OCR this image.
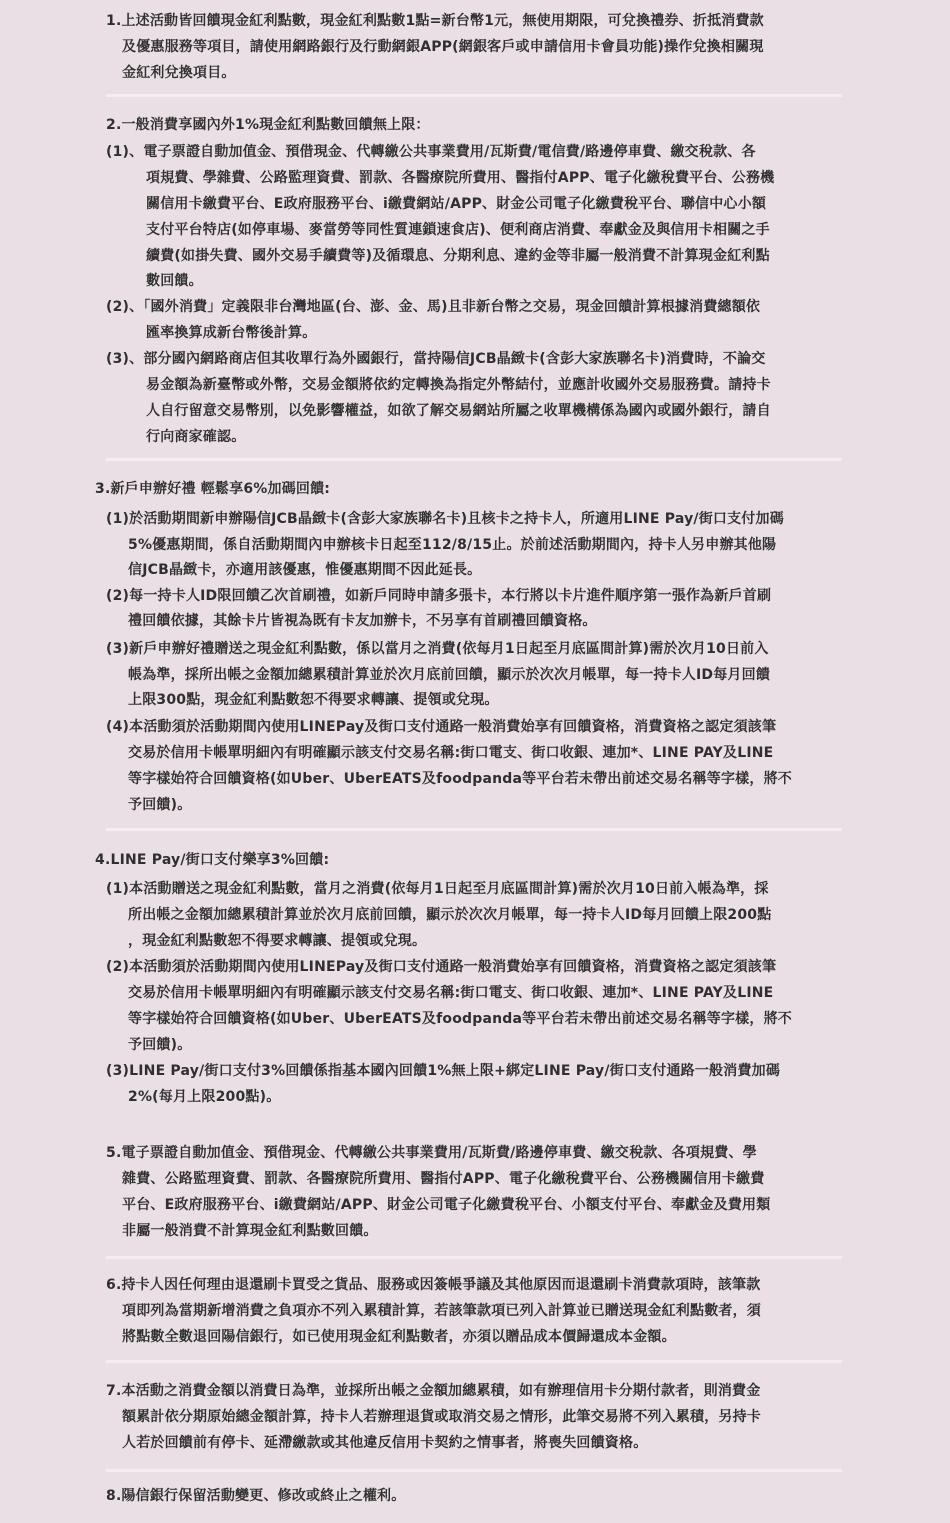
1.上述活動皆回饋現金紅利點數，現金紅利點數1點=新台幣1元，無使用期限，可兌換禮券、折抵消費款
及優惠服務等項目，請使用網路銀行及行動網銀APP(網銀客戶或申請信用卡會員功能)操作兌換相關現
金紅利兌換項目。
2.一般消費享國內外1%現金紅利點數回饋無上限：
(1)、電子票證自動加值金、預借現金、代轉繳公共事業費用/瓦斯費/電信費/路邊停車費、繳交稅款、各
項規費、學雜費、公路監理資費、罰款、各醫療院所費用、醫指付APP、電子化繳稅費平台、公務機
關信用卡繳費平台、E政府服務平台、i繳費網站/APP、財金公司電子化繳費稅平台、聯信中心小額
支付平台特店(如停車場、麥當勞等同性質連鎖速食店)、便利商店消費、奉獻金及與信用卡相關之手
續費(如掛失費、國外交易手續費等)及循環息、分期利息、違約金等非屬一般消費不計算現金紅利點
數回饋。
(2)、「國外消費」定義限非台灣地區(台、澎、金、馬)且非新台幣之交易，現金回饋計算根據消費總額依
匯率換算成新台幣後計算。
(3)、部分國內網路商店但其收單行為外國銀行，當持陽信JCB晶緻卡(含彭大家族聯名卡)消費時，不論交
易金額為新臺幣或外幣，交易金額將依約定轉換為指定外幣結付，並應計收國外交易服務費。請持卡
人自行留意交易幣別，以免影響權益，如欲了解交易網站所屬之收單機構係為國內或國外銀行，請自
行向商家確認。
3.新戶申辦好禮 輕鬆享6%加碼回饋:
(1)於活動期間新申辦陽信JCB晶緻卡(含彭大家族聯名卡)且核卡之持卡人，所適用LINE Pay/街口支付加碼
5%優惠期間，係自活動期間內申辦核卡日起至112/8/15止。於前述活動期間內，持卡人另申辦其他陽
信JCB晶緻卡，亦適用該優惠，惟優惠期間不因此延長。
(2)每一持卡人ID限回饋乙次首刷禮，如新戶同時申請多張卡，本行將以卡片進件順序第一張作為新戶首刷
禮回饋依據，其餘卡片皆視為既有卡友加辦卡，不另享有首刷禮回饋資格。
(3)新戶申辦好禮贈送之現金紅利點數，係以當月之消費(依每月1日起至月底區間計算)需於次月10日前入
帳為準，採所出帳之金額加總累積計算並於次月底前回饋，顯示於次次月帳單，每一持卡人ID每月回饋
上限300點，現金紅利點數恕不得要求轉讓、提領或兌現。
(4)本活動須於活動期間內使用LINEPay及街口支付通路一般消費始享有回饋資格，消費資格之認定須該筆
交易於信用卡帳單明細內有明確顯示該支付交易名稱:街口電支、街口收銀、連加*、LINE PAY及LINE
等字樣始符合回饋資格(如Uber、UberEATS及foodpanda等平台若未帶出前述交易名稱等字樣，將不
予回饋)。
4.LINE Pay/街口支付樂享3%回饋:
(1)本活動贈送之現金紅利點數，當月之消費(依每月1日起至月底區間計算)需於次月10日前入帳為準，採
所出帳之金額加總累積計算並於次月底前回饋，顯示於次次月帳單，每一持卡人ID每月回饋上限200點
，現金紅利點數恕不得要求轉讓、提領或兌現。
(2)本活動須於活動期間內使用LINEPay及街口支付通路一般消費始享有回饋資格，消費資格之認定須該筆
交易於信用卡帳單明細內有明確顯示該支付交易名稱:街口電支、街口收銀、連加*、LINE PAY及LINE
等字樣始符合回饋資格(如Uber、UberEATS及foodpanda等平台若未帶出前述交易名稱等字樣，將不
予回饋)。
(3)LINE Pay/街口支付3%回饋係指基本國內回饋1%無上限+綁定LINE Pay/街口支付通路一般消費加碼
2%(每月上限200點)。
5.電子票證自動加值金、預借現金、代轉繳公共事業費用/瓦斯費/路邊停車費、繳交稅款、各項規費、學
雜費、公路監理資費、罰款、各醫療院所費用、醫指付APP、電子化繳稅費平台、公務機關信用卡繳費
平台、E政府服務平台、i繳費網站/APP、財金公司電子化繳費稅平台、小額支付平台、奉獻金及費用類
非屬一般消費不計算現金紅利點數回饋。
6.持卡人因任何理由退還刷卡買受之貨品、服務或因簽帳爭議及其他原因而退還刷卡消費款項時，該筆款
項即列為當期新增消費之負項亦不列入累積計算，若該筆款項已列入計算並已贈送現金紅利點數者，須
將點數全數退回陽信銀行，如已使用現金紅利點數者，亦須以贈品成本價歸還成本金額。
7.本活動之消費金額以消費日為準，並採所出帳之金額加總累積，如有辦理信用卡分期付款者，則消費金
額累計依分期原始總金額計算，持卡人若辦理退貨或取消交易之情形，此筆交易將不列入累積，另持卡
人若於回饋前有停卡、延滯繳款或其他違反信用卡契約之情事者，將喪失回饋資格。
8.陽信銀行保留活動變更、修改或終止之權利。
